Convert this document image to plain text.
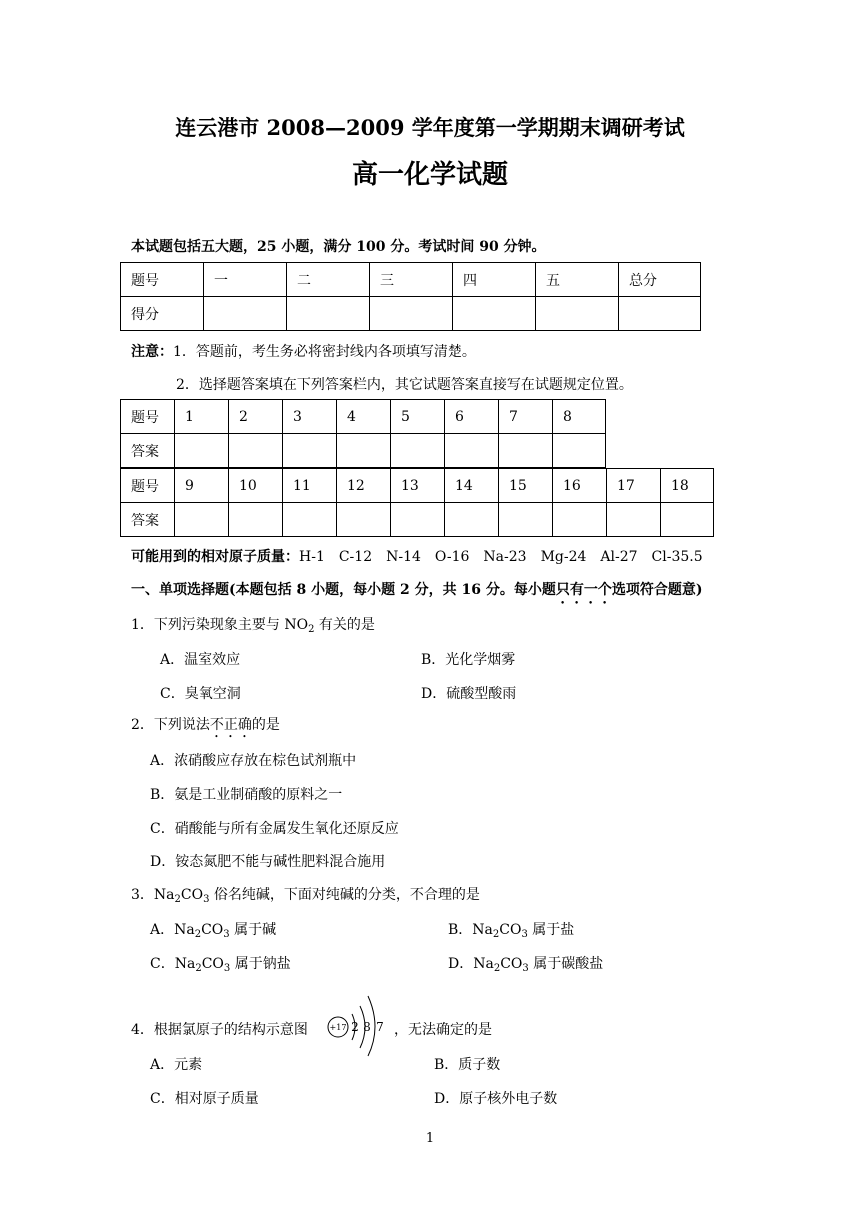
连云港市 2008—2009 学年度第一学期期末调研考试
高一化学试题
本试题包括五大题，25 小题，满分 100 分。考试时间 90 分钟。
题号	一	二	三	四	五	总分
得分						
注意：1．答题前，考生务必将密封线内各项填写清楚。
2．选择题答案填在下列答案栏内，其它试题答案直接写在试题规定位置。
题号	1	2	3	4	5	6	7	8
答案								
题号	9	10	11	12	13	14	15	16	17	18
答案										
可能用到的相对原子质量：H-1　C-12　N-14　O-16　Na-23　Mg-24　Al-27　Cl-35.5
一、单项选择题(本题包括 8 小题，每小题 2 分，共 16 分。每小题只有一个选项符合题意)
1．下列污染现象主要与 $NO_2$ 有关的是
A．温室效应	B．光化学烟雾
C．臭氧空洞	D．硫酸型酸雨
2．下列说法不正确的是
A．浓硝酸应存放在棕色试剂瓶中
B．氨是工业制硝酸的原料之一
C．硝酸能与所有金属发生氧化还原反应
D．铵态氮肥不能与碱性肥料混合施用
3．$Na_2CO_3$ 俗名纯碱，下面对纯碱的分类，不合理的是
A．$Na_2CO_3$ 属于碱	B．$Na_2CO_3$ 属于盐
C．$Na_2CO_3$ 属于钠盐	D．$Na_2CO_3$ 属于碳酸盐
4．根据氯原子的结构示意图	+17 2 8 7 ，无法确定的是
A．元素	B．质子数
C．相对原子质量	D．原子核外电子数
1
